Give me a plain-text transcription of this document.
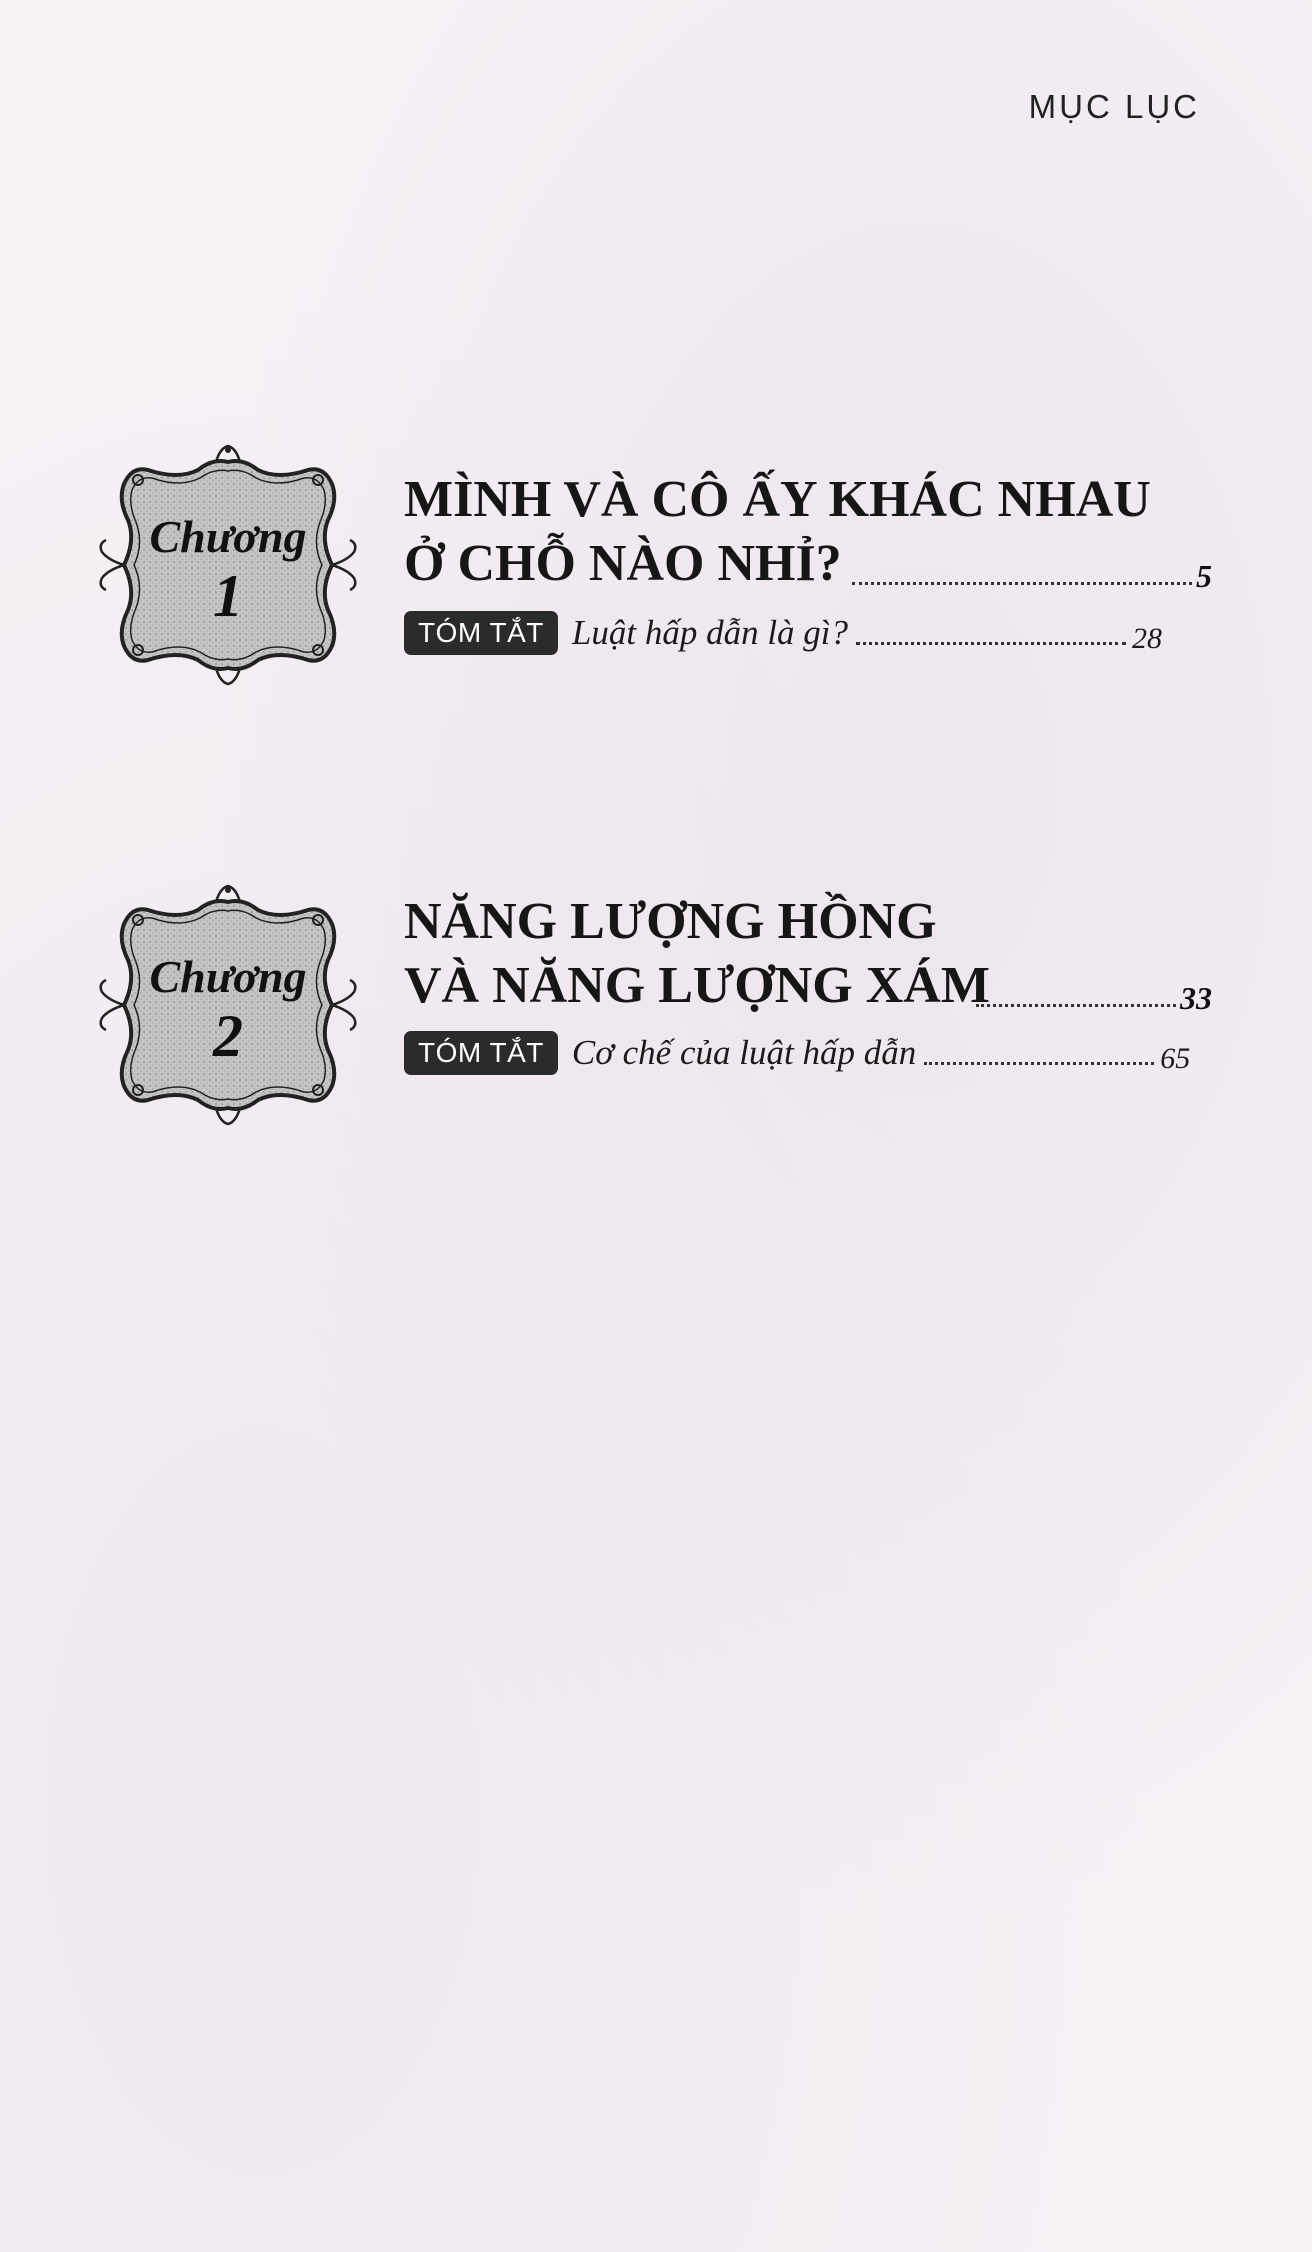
MỤC LỤC
Chương
1
MÌNH VÀ CÔ ẤY KHÁC NHAU
Ở CHỖ NÀO NHỈ?	5
TÓM TẮT Luật hấp dẫn là gì?	28
Chương
2
NĂNG LƯỢNG HỒNG
VÀ NĂNG LƯỢNG XÁM	33
TÓM TẮT Cơ chế của luật hấp dẫn	65
